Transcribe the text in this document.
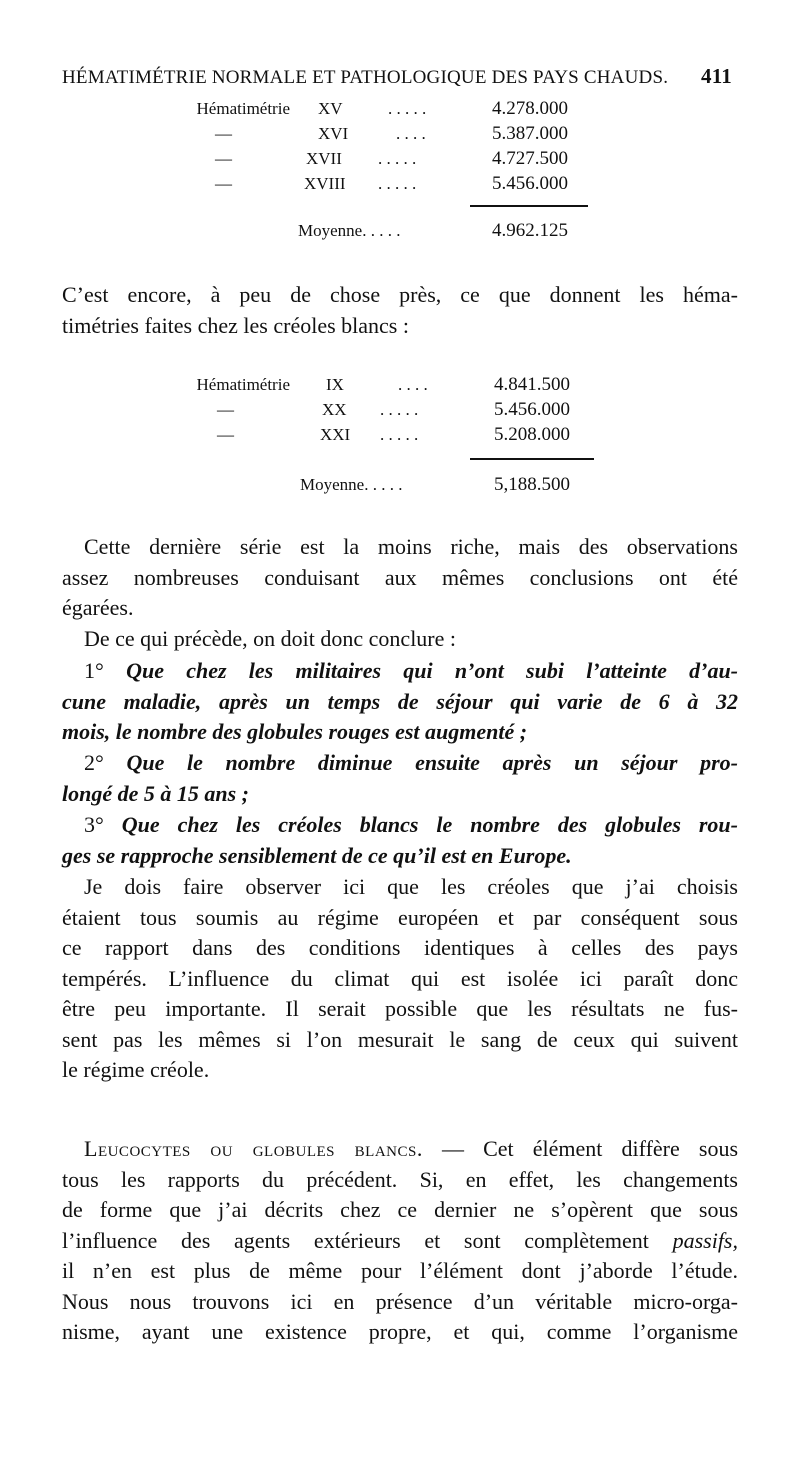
HÉMATIMÉTRIE NORMALE ET PATHOLOGIQUE DES PAYS CHAUDS. 411
Hématimétrie XV	. . . . .	4.278.000
—	XVI	. . . .	5.387.000
—	XVII . . . . .	4.727.500
—	XVIII . . . . .	5.456.000
Moyenne. . . . .	4.962.125
C’est encore, à peu de chose près, ce que donnent les héma-
timétries faites chez les créoles blancs :
Hématimétrie IX	. . . .	4.841.500
—	XX . . . . .	5.456.000
—	XXI . . . . .	5.208.000
Moyenne. . . . .	5,188.500
Cette dernière série est la moins riche, mais des observations
assez nombreuses conduisant aux mêmes conclusions ont été
égarées.
De ce qui précède, on doit donc conclure :
1° Que chez les militaires qui n’ont subi l’atteinte d’au-
cune maladie, après un temps de séjour qui varie de 6 à 32
mois, le nombre des globules rouges est augmenté ;
2° Que le nombre diminue ensuite après un séjour pro-
longé de 5 à 15 ans ;
3° Que chez les créoles blancs le nombre des globules rou-
ges se rapproche sensiblement de ce qu’il est en Europe.
Je dois faire observer ici que les créoles que j’ai choisis
étaient tous soumis au régime européen et par conséquent sous
ce rapport dans des conditions identiques à celles des pays
tempérés. L’influence du climat qui est isolée ici paraît donc
être peu importante. Il serait possible que les résultats ne fus-
sent pas les mêmes si l’on mesurait le sang de ceux qui suivent
le régime créole.
Leucocytes ou globules blancs. — Cet élément diffère sous
tous les rapports du précédent. Si, en effet, les changements
de forme que j’ai décrits chez ce dernier ne s’opèrent que sous
l’influence des agents extérieurs et sont complètement passifs,
il n’en est plus de même pour l’élément dont j’aborde l’étude.
Nous nous trouvons ici en présence d’un véritable micro-orga-
nisme, ayant une existence propre, et qui, comme l’organisme
